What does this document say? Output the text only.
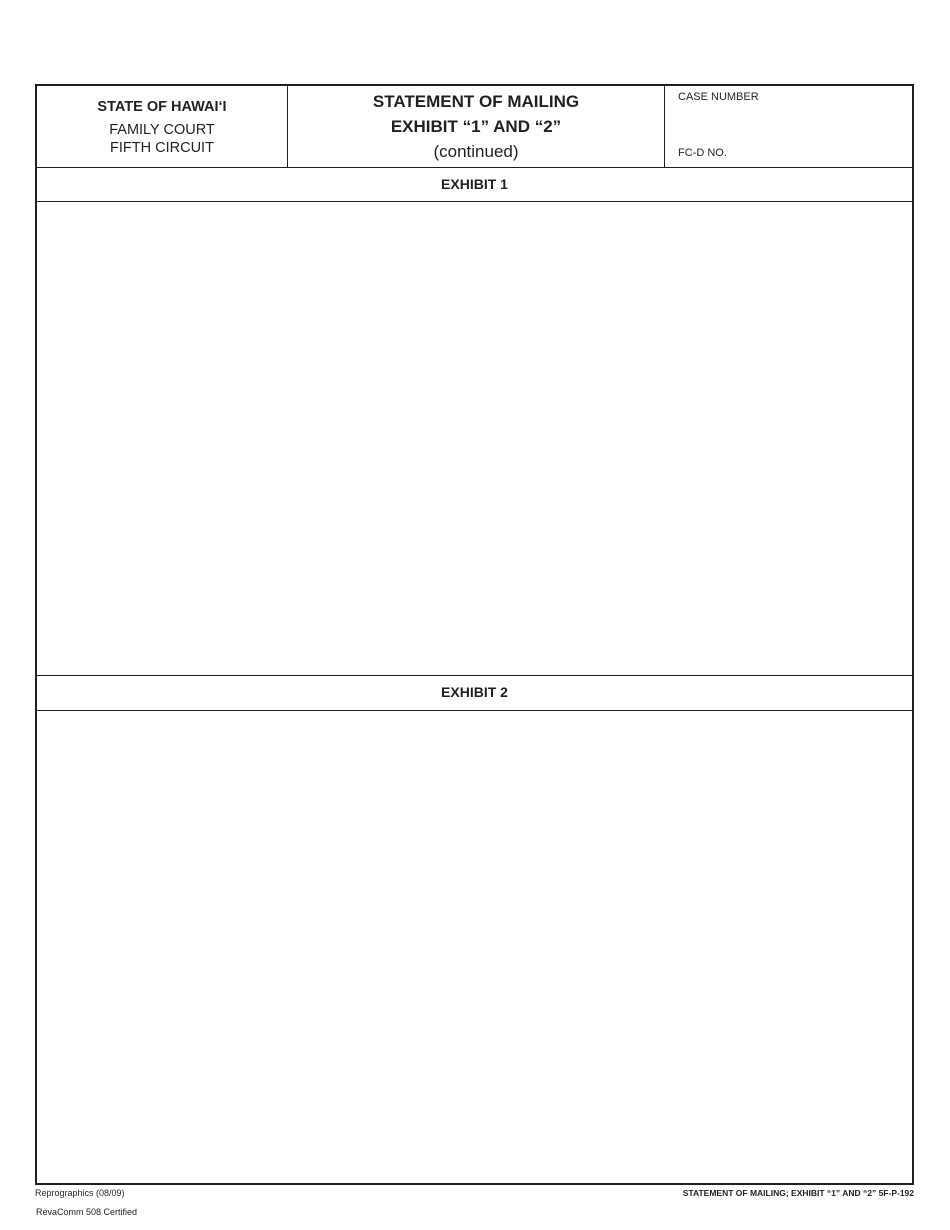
STATE OF HAWAI‘I
FAMILY COURT
FIFTH CIRCUIT
STATEMENT OF MAILING
EXHIBIT “1” AND “2”
(continued)
CASE NUMBER
FC-D NO.
EXHIBIT 1
EXHIBIT 2
Reprographics (08/09)
RevaComm 508 Certified
STATEMENT OF MAILING; EXHIBIT “1” AND “2” 5F-P-192
